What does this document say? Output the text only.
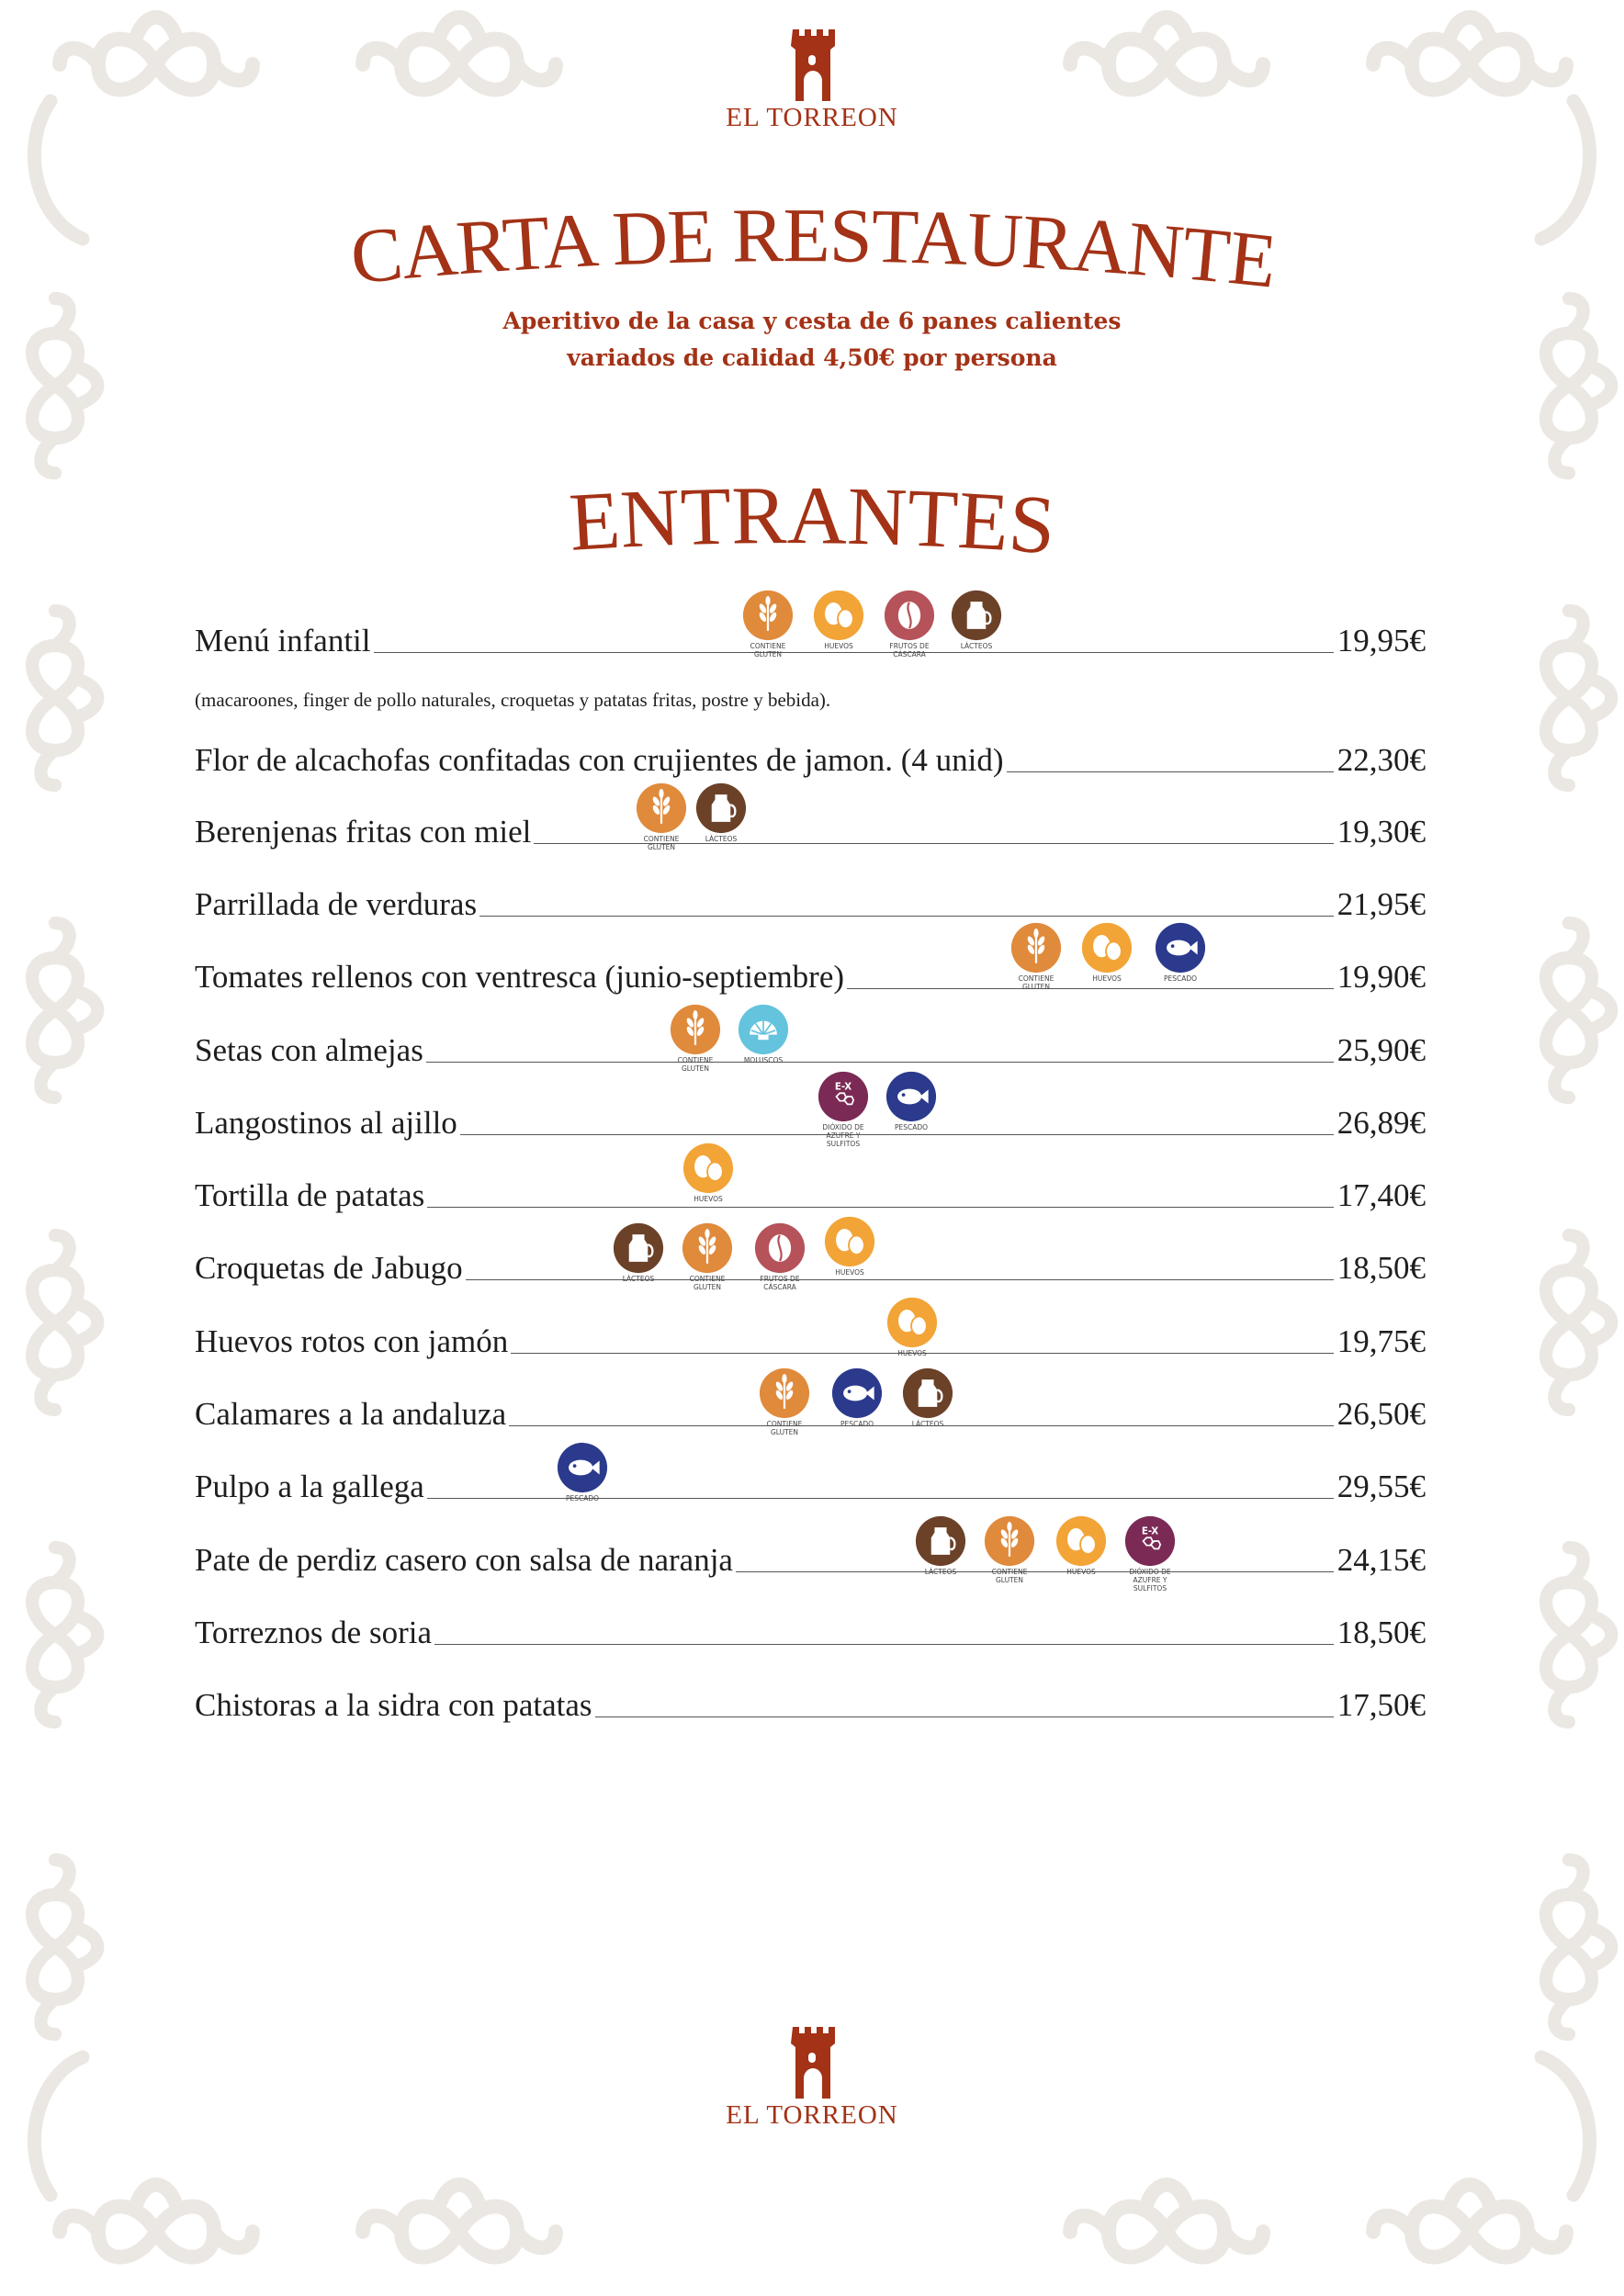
EL TORREON
CARTA DE RESTAURANTE
Aperitivo de la casa y cesta de 6 panes calientes
variados de calidad 4,50€ por persona
ENTRANTES
Menú infantil	19,95€
Flor de alcachofas confitadas con crujientes de jamon. (4 unid)	22,30€
Berenjenas fritas con miel	19,30€
Parrillada de verduras	21,95€
Tomates rellenos con ventresca (junio-septiembre)	19,90€
Setas con almejas	25,90€
Langostinos al ajillo	26,89€
Tortilla de patatas	17,40€
Croquetas de Jabugo	18,50€
Huevos rotos con jamón	19,75€
Calamares a la andaluza	26,50€
Pulpo a la gallega	29,55€
Pate de perdiz casero con salsa de naranja	24,15€
Torreznos de soria	18,50€
Chistoras a la sidra con patatas	17,50€
(macaroones, finger de pollo naturales, croquetas y patatas fritas, postre y bebida).
CONTIENE GLUTEN
HUEVOS	FRUTOS DE CÁSCARA
LÁCTEOS
CONTIENE GLUTEN
LÁCTEOS
CONTIENE GLUTEN
HUEVOS	PESCADO
CONTIENE GLUTEN
MOLUSCOS
E-X
DIÓXIDO DE AZUFRE Y SULFITOS
PESCADO
HUEVOS
LÁCTEOS	CONTIENE GLUTEN
FRUTOS DE CÁSCARA
HUEVOS
HUEVOS
CONTIENE GLUTEN
PESCADO	LÁCTEOS
PESCADO
LÁCTEOS	CONTIENE GLUTEN
HUEVOS
E-X
DIÓXIDO DE AZUFRE Y SULFITOS
EL TORREON
